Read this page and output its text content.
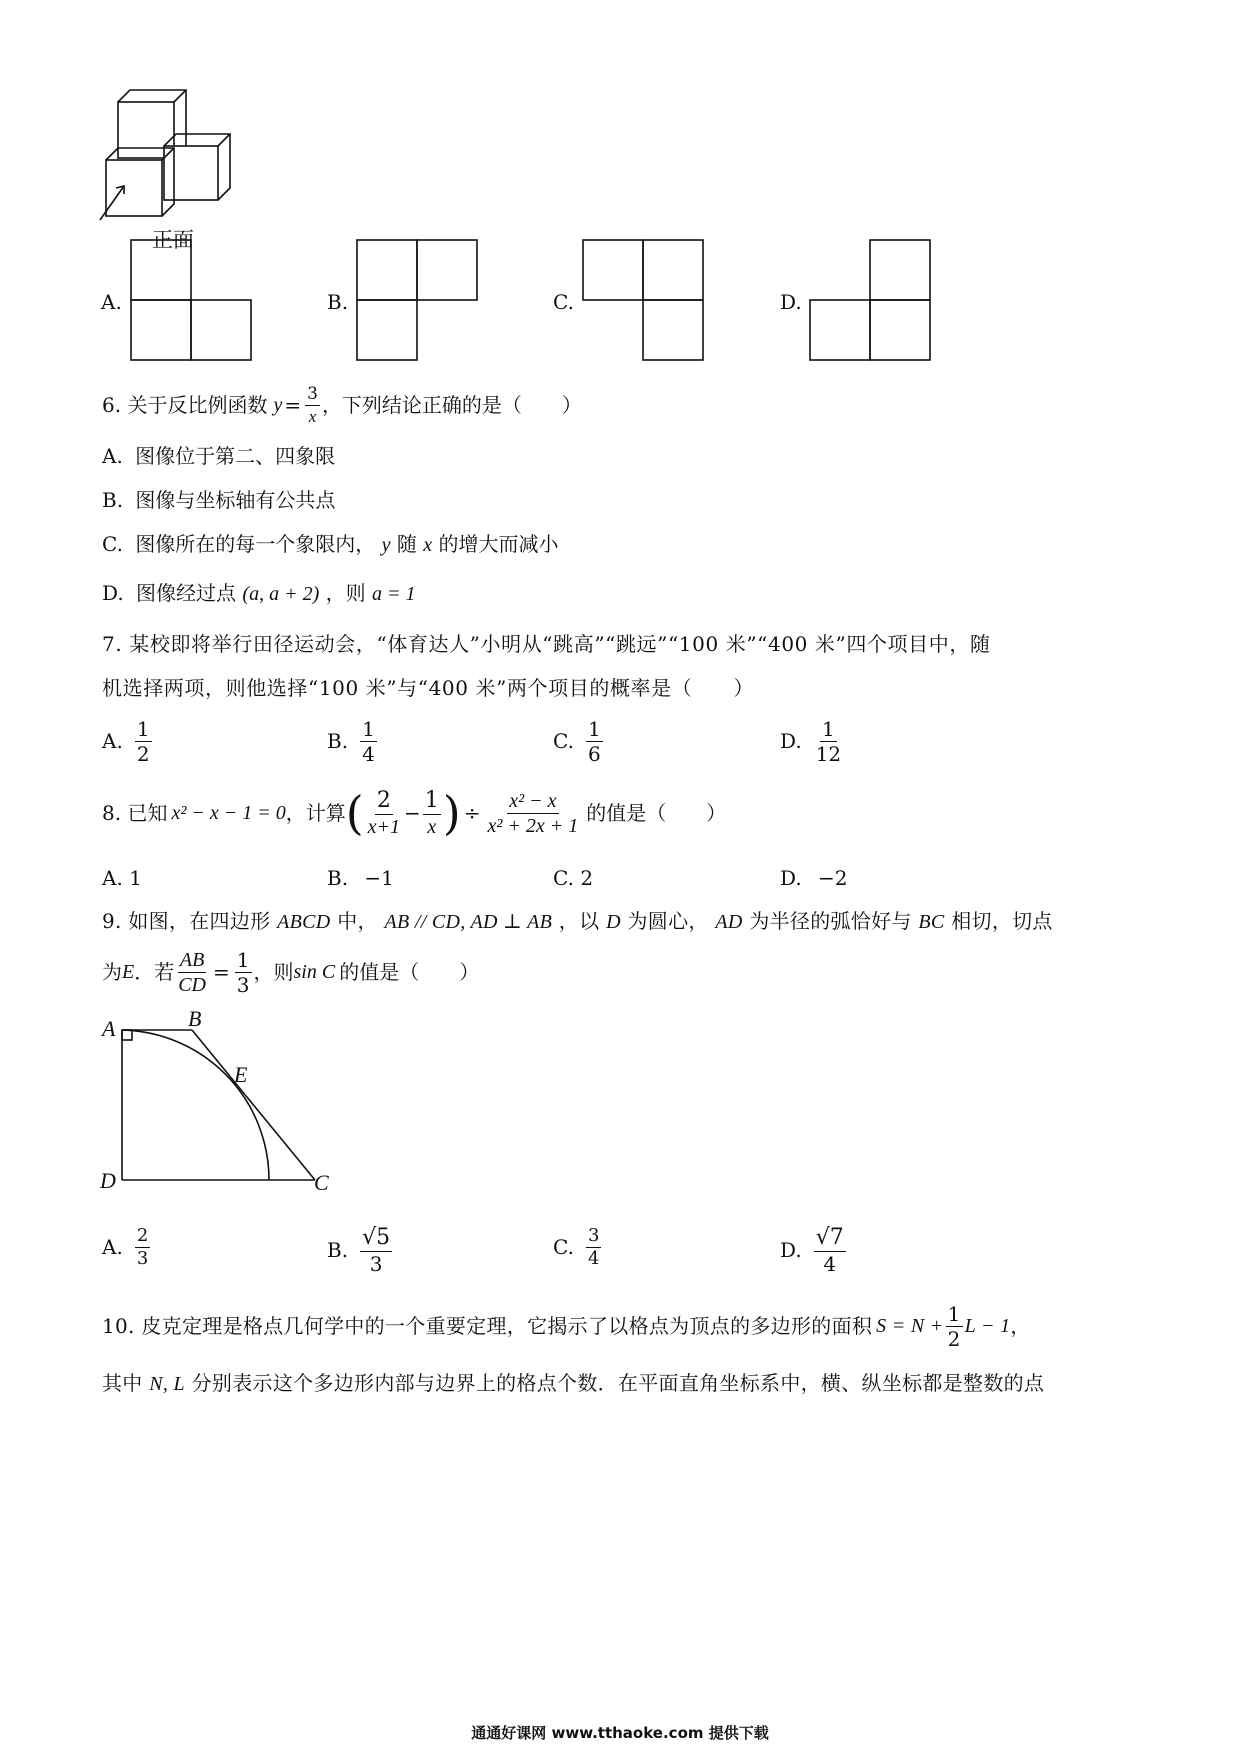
正面
A.	B.	C.	D.
6. 关于反比例函数 $y = \frac{3}{x}$ ，下列结论正确的是（　　）
A. 图像位于第二、四象限
B. 图像与坐标轴有公共点
C. 图像所在的每一个象限内， y 随 x 的增大而减小
D. 图像经过点 (a, a + 2) ，则 a = 1
7. 某校即将举行田径运动会，“体育达人”小明从“跳高”“跳远”“100 米”“400 米”四个项目中，随
机选择两项，则他选择“100 米”与“400 米”两个项目的概率是（　　）
A. $\frac{1}{2}$	B. $\frac{1}{4}$	C. $\frac{1}{6}$	D. $\frac{1}{12}$
8. 已知 x² − x − 1 = 0 ，计算 ( $\frac{2}{x+1} - \frac{1}{x}$ ) ÷ $\frac{\text{x² − x}}{\text{x² + 2x + 1}}$ 的值是（　　）
A. 1	B. −1	C. 2	D. −2
9. 如图，在四边形 ABCD 中， AB // CD, AD ⊥ AB ，以 D 为圆心， AD 为半径的弧恰好与 BC 相切，切点
为 E ．若 $\frac{AB}{CD} = \frac{1}{3}$ ，则 sin C 的值是（　　）
A	B
C
D
E
A. $\frac{2}{3}$	B. $\frac{√5}{3}$	C. $\frac{3}{4}$	D. $\frac{√7}{4}$
10. 皮克定理是格点几何学中的一个重要定理，它揭示了以格点为顶点的多边形的面积 $S = N + \frac{1}{2}$ L − 1 ，
其中 N, L 分别表示这个多边形内部与边界上的格点个数．在平面直角坐标系中，横、纵坐标都是整数的点
通通好课网 www.tthaoke.com 提供下载
